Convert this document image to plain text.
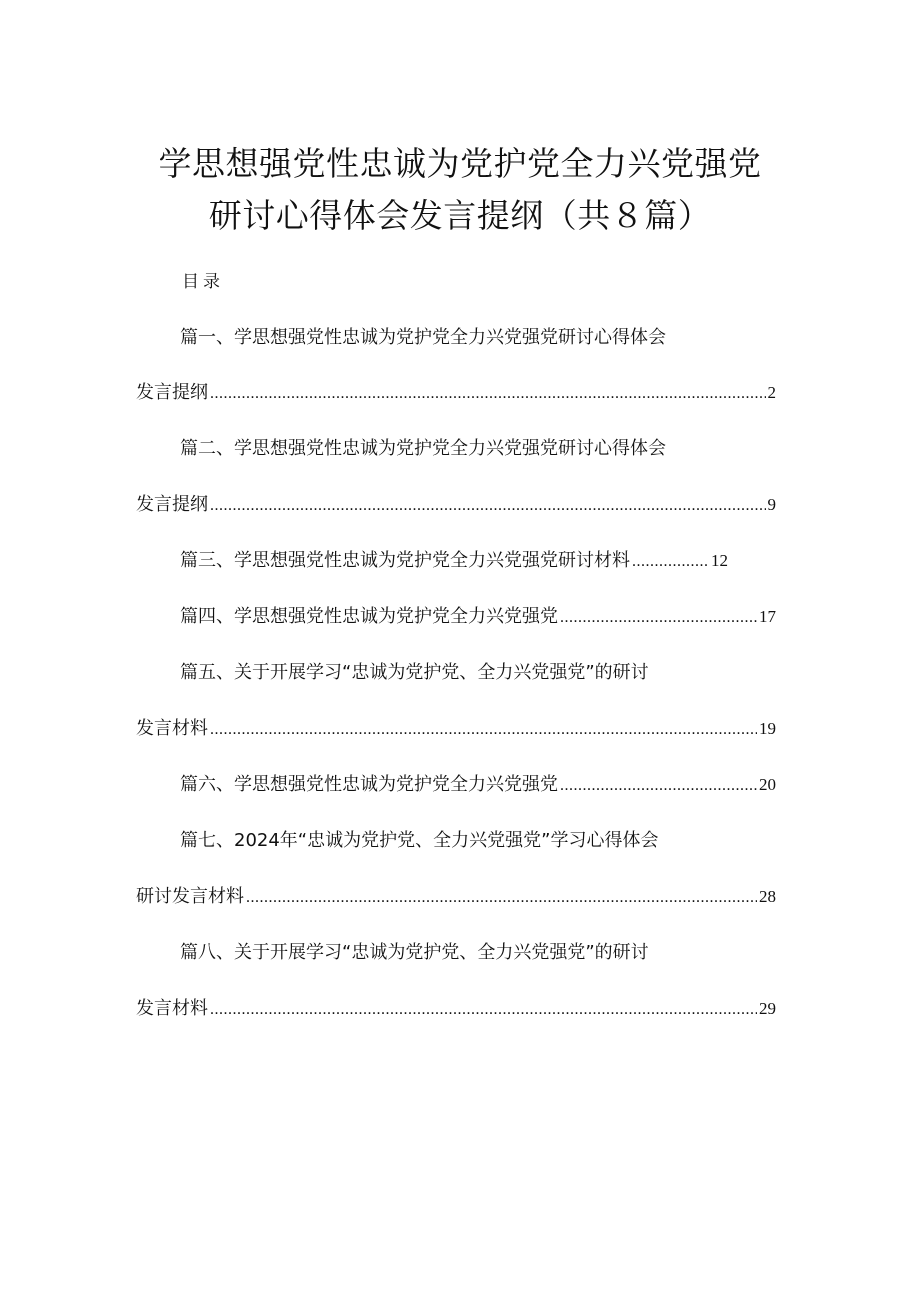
学思想强党性忠诚为党护党全力兴党强党
研讨心得体会发言提纲（共８篇）
目录
篇一、学思想强党性忠诚为党护党全力兴党强党研讨心得体会
发言提纲 .....	2
篇二、学思想强党性忠诚为党护党全力兴党强党研讨心得体会
发言提纲 .....	9
篇三、学思想强党性忠诚为党护党全力兴党强党研讨材料 .....	12
篇四、学思想强党性忠诚为党护党全力兴党强党 .....	17
篇五、关于开展学习“忠诚为党护党、全力兴党强党”的研讨
发言材料 .....	19
篇六、学思想强党性忠诚为党护党全力兴党强党 .....	20
篇七、2024年“忠诚为党护党、全力兴党强党”学习心得体会
研讨发言材料 .....	28
篇八、关于开展学习“忠诚为党护党、全力兴党强党”的研讨
发言材料 .....	29
